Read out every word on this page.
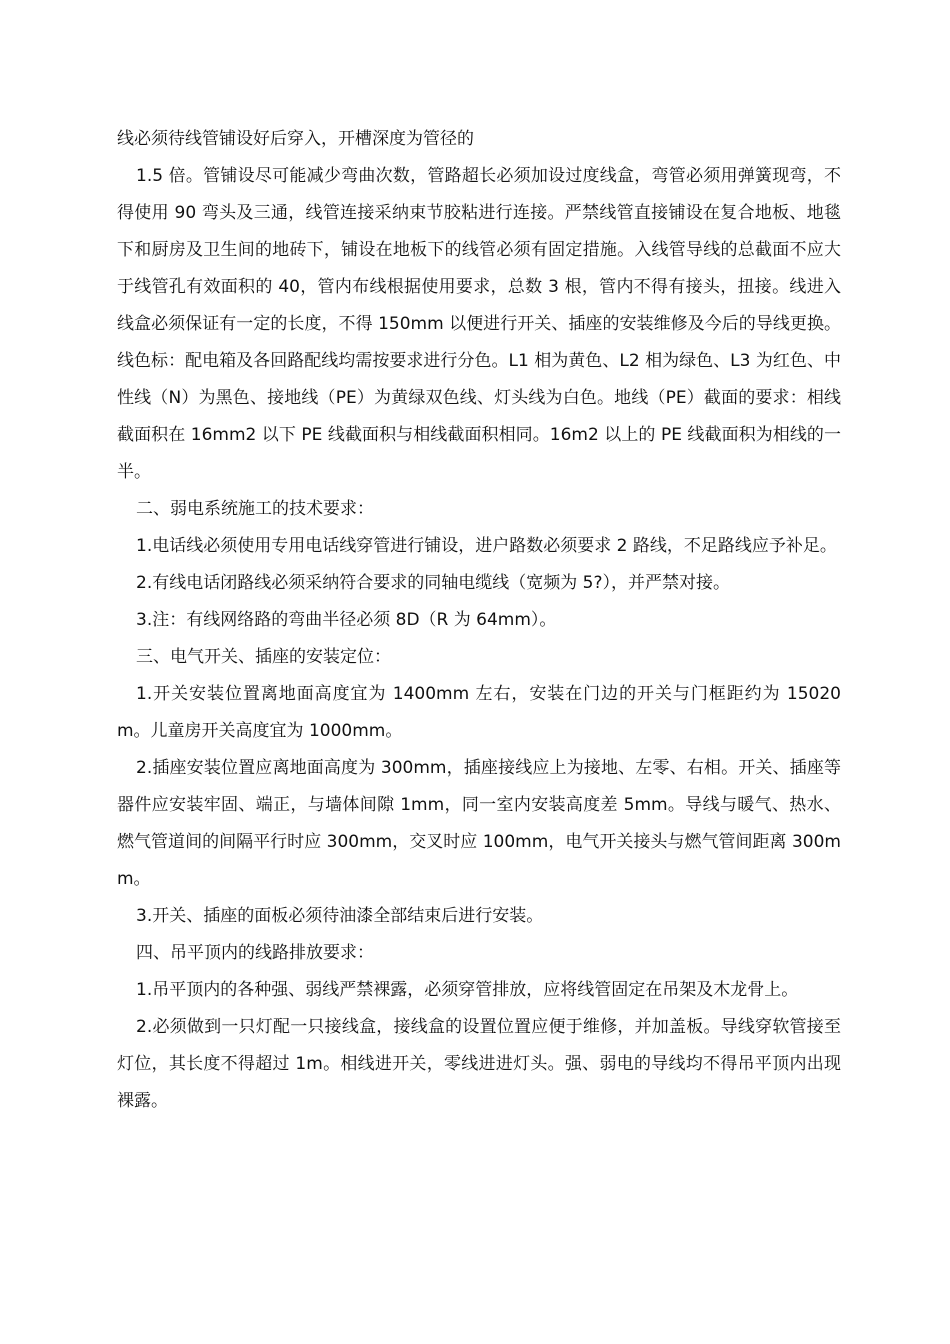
线必须待线管铺设好后穿入，开槽深度为管径的

1.5 倍。管铺设尽可能减少弯曲次数，管路超长必须加设过度线盒，弯管必须用弹簧现弯，不得使用 90 弯头及三通，线管连接采纳束节胶粘进行连接。严禁线管直接铺设在复合地板、地毯下和厨房及卫生间的地砖下，铺设在地板下的线管必须有固定措施。入线管导线的总截面不应大于线管孔有效面积的 40，管内布线根据使用要求，总数 3 根，管内不得有接头，扭接。线进入线盒必须保证有一定的长度，不得 150mm 以便进行开关、插座的安装维修及今后的导线更换。线色标：配电箱及各回路配线均需按要求进行分色。L1 相为黄色、L2 相为绿色、L3 为红色、中性线（N）为黑色、接地线（PE）为黄绿双色线、灯头线为白色。地线（PE）截面的要求：相线截面积在 16mm2 以下 PE 线截面积与相线截面积相同。16m2 以上的 PE 线截面积为相线的一半。

二、弱电系统施工的技术要求：

1.电话线必须使用专用电话线穿管进行铺设，进户路数必须要求 2 路线，不足路线应予补足。

2.有线电话闭路线必须采纳符合要求的同轴电缆线（宽频为 5?），并严禁对接。

3.注：有线网络路的弯曲半径必须 8D（R 为 64mm）。

三、电气开关、插座的安装定位：

1.开关安装位置离地面高度宜为 1400mm 左右，安装在门边的开关与门框距约为 15020m。儿童房开关高度宜为 1000mm。

2.插座安装位置应离地面高度为 300mm，插座接线应上为接地、左零、右相。开关、插座等器件应安装牢固、端正，与墙体间隙 1mm，同一室内安装高度差 5mm。导线与暖气、热水、燃气管道间的间隔平行时应 300mm，交叉时应 100mm，电气开关接头与燃气管间距离 300mm。

3.开关、插座的面板必须待油漆全部结束后进行安装。

四、吊平顶内的线路排放要求：

1.吊平顶内的各种强、弱线严禁裸露，必须穿管排放，应将线管固定在吊架及木龙骨上。

2.必须做到一只灯配一只接线盒，接线盒的设置位置应便于维修，并加盖板。导线穿软管接至灯位，其长度不得超过 1m。相线进开关，零线进进灯头。强、弱电的导线均不得吊平顶内出现裸露。
